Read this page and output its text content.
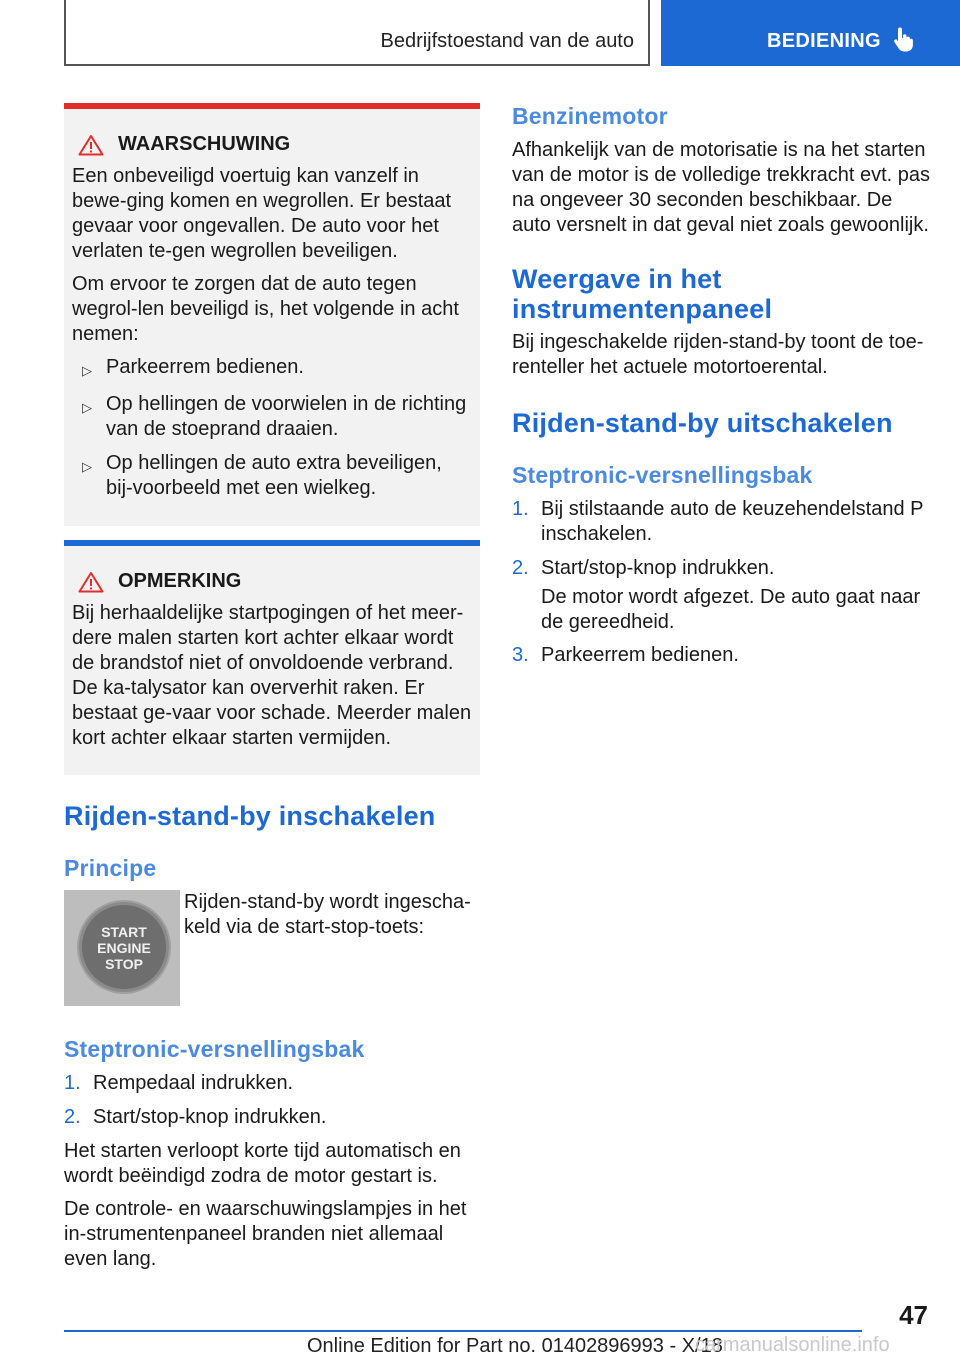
Bedrijfstoestand van de auto	BEDIENING
WAARSCHUWING
Een onbeveiligd voertuig kan vanzelf in bewe-ging komen en wegrollen. Er bestaat gevaar voor ongevallen. De auto voor het verlaten te-gen wegrollen beveiligen.
Om ervoor te zorgen dat de auto tegen wegrol-len beveiligd is, het volgende in acht nemen:
▷ Parkeerrem bedienen.
▷ Op hellingen de voorwielen in de richting van de stoeprand draaien.
▷ Op hellingen de auto extra beveiligen, bij-voorbeeld met een wielkeg.
OPMERKING
Bij herhaaldelijke startpogingen of het meer-dere malen starten kort achter elkaar wordt de brandstof niet of onvoldoende verbrand. De ka-talysator kan oververhit raken. Er bestaat ge-vaar voor schade. Meerder malen kort achter elkaar starten vermijden.
Rijden-stand-by inschakelen
Principe
START
ENGINE
STOP
Rijden-stand-by wordt ingescha-keld via de start-stop-toets:
Steptronic-versnellingsbak
1. Rempedaal indrukken.
2. Start/stop-knop indrukken.
Het starten verloopt korte tijd automatisch en wordt beëindigd zodra de motor gestart is.
De controle- en waarschuwingslampjes in het in-strumentenpaneel branden niet allemaal even lang.
Benzinemotor
Afhankelijk van de motorisatie is na het starten van de motor is de volledige trekkracht evt. pas na ongeveer 30 seconden beschikbaar. De auto versnelt in dat geval niet zoals gewoonlijk.
Weergave in het instrumentenpaneel
Bij ingeschakelde rijden-stand-by toont de toe-renteller het actuele motortoerental.
Rijden-stand-by uitschakelen
Steptronic-versnellingsbak
1. Bij stilstaande auto de keuzehendelstand P inschakelen.
2. Start/stop-knop indrukken.
De motor wordt afgezet. De auto gaat naar de gereedheid.
3. Parkeerrem bedienen.
47
Online Edition for Part no. 01402896993 - X/18
carmanualsonline.info
